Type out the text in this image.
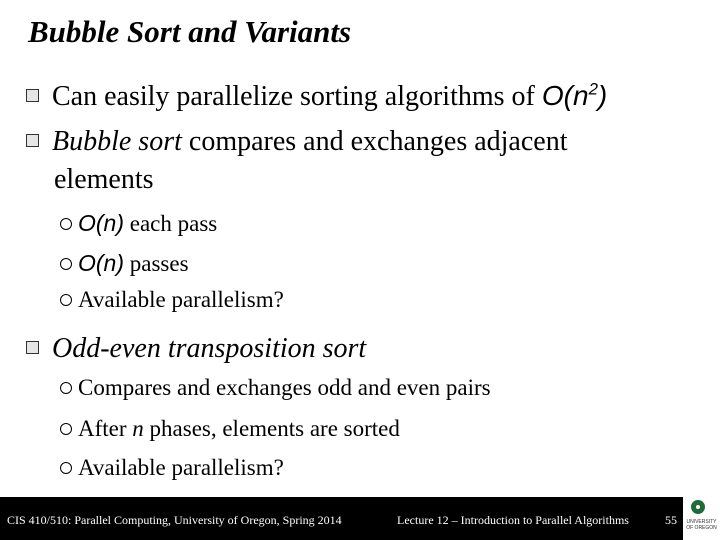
Bubble Sort and Variants
Can easily parallelize sorting algorithms of $O(n^2)$
Bubble sort compares and exchanges adjacent
elements
O(n) each pass
O(n) passes
Available parallelism?
Odd-even transposition sort
Compares and exchanges odd and even pairs
After n phases, elements are sorted
Available parallelism?
CIS 410/510: Parallel Computing, University of Oregon, Spring 2014	Lecture 12 – Introduction to Parallel Algorithms	55 UNIVERSITY OF OREGON
